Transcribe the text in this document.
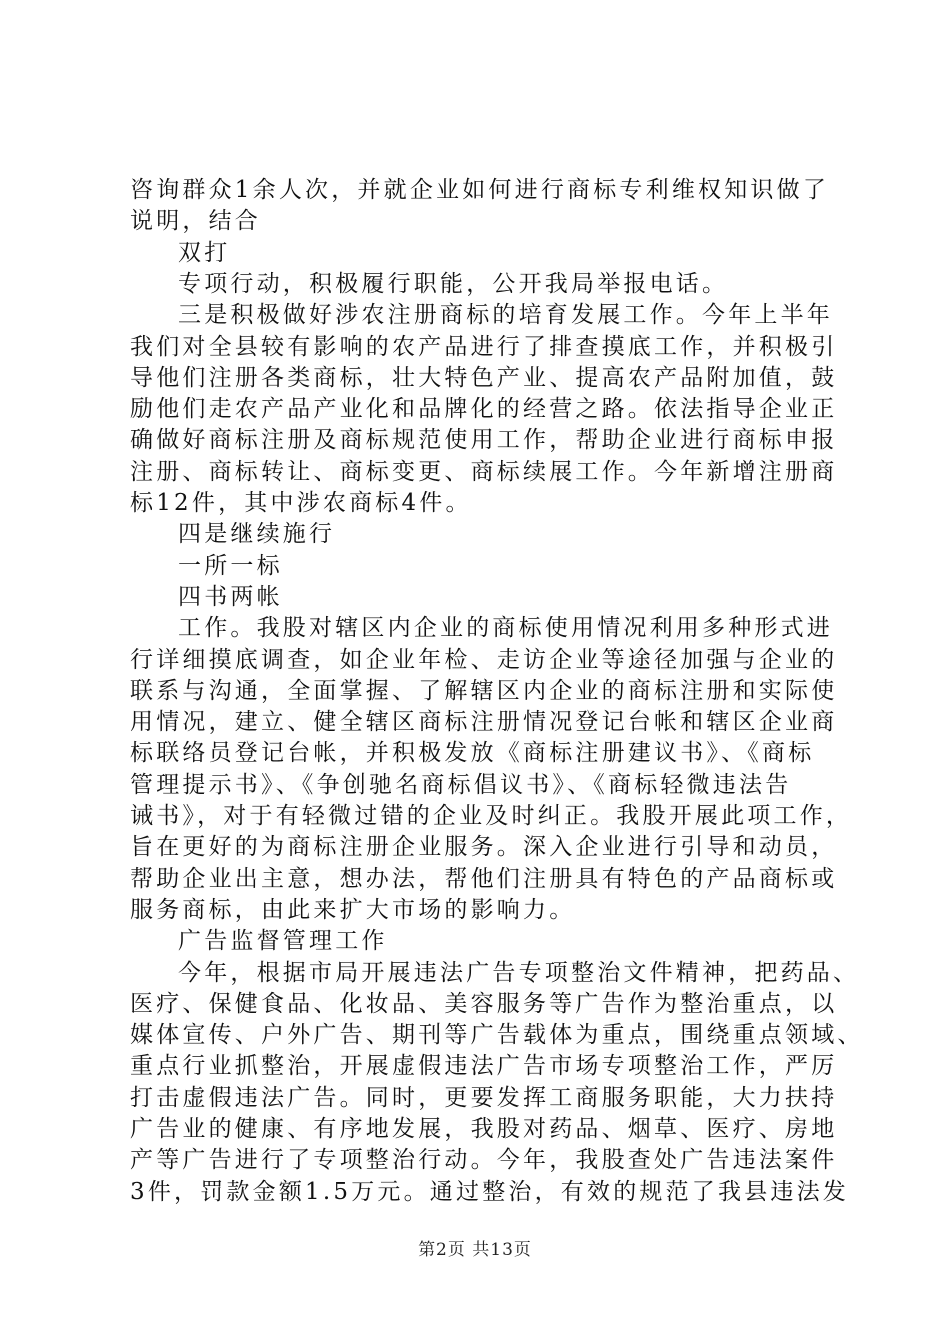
咨询群众1余人次，并就企业如何进行商标专利维权知识做了
说明，结合
双打
专项行动，积极履行职能，公开我局举报电话。
三是积极做好涉农注册商标的培育发展工作。今年上半年
我们对全县较有影响的农产品进行了排查摸底工作，并积极引
导他们注册各类商标，壮大特色产业、提高农产品附加值，鼓
励他们走农产品产业化和品牌化的经营之路。依法指导企业正
确做好商标注册及商标规范使用工作，帮助企业进行商标申报
注册、商标转让、商标变更、商标续展工作。今年新增注册商
标12件，其中涉农商标4件。
四是继续施行
一所一标
四书两帐
工作。我股对辖区内企业的商标使用情况利用多种形式进
行详细摸底调查，如企业年检、走访企业等途径加强与企业的
联系与沟通，全面掌握、了解辖区内企业的商标注册和实际使
用情况，建立、健全辖区商标注册情况登记台帐和辖区企业商
标联络员登记台帐，并积极发放《商标注册建议书》、《商标
管理提示书》、《争创驰名商标倡议书》、《商标轻微违法告
诫书》，对于有轻微过错的企业及时纠正。我股开展此项工作，
旨在更好的为商标注册企业服务。深入企业进行引导和动员，
帮助企业出主意，想办法，帮他们注册具有特色的产品商标或
服务商标，由此来扩大市场的影响力。
广告监督管理工作
今年，根据市局开展违法广告专项整治文件精神，把药品、
医疗、保健食品、化妆品、美容服务等广告作为整治重点，以
媒体宣传、户外广告、期刊等广告载体为重点，围绕重点领域、
重点行业抓整治，开展虚假违法广告市场专项整治工作，严厉
打击虚假违法广告。同时，更要发挥工商服务职能，大力扶持
广告业的健康、有序地发展，我股对药品、烟草、医疗、房地
产等广告进行了专项整治行动。今年，我股查处广告违法案件
第2页 共13页
3件，罚款金额1.5万元。通过整治，有效的规范了我县违法发
